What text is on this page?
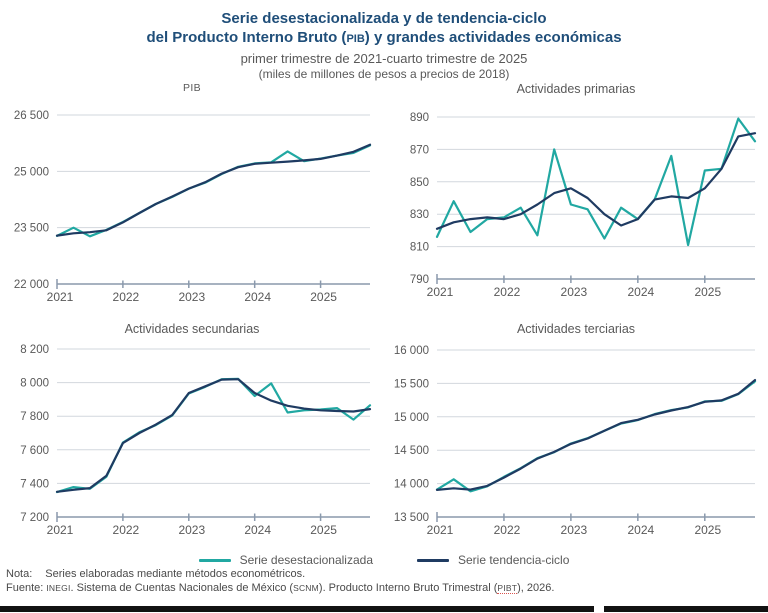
Serie desestacionalizada y de tendencia-ciclo
del Producto Interno Bruto (PIB) y grandes actividades económicas
primer trimestre de 2021-cuarto trimestre de 2025
(miles de millones de pesos a precios de 2018)
PIB
26 500
25 000
23 500
22 000
2021	2022	2023	2024	2025
Actividades primarias
890
870
850
830
810
790
2021	2022	2023	2024	2025
Actividades secundarias
8 200
8 000
7 800
7 600
7 400
7 200
2021	2022	2023	2024	2025
Actividades terciarias
16 000
15 500
15 000
14 500
14 000
13 500
2021	2022	2023	2024	2025
Serie desestacionalizada	Serie tendencia-ciclo
Nota: Series elaboradas mediante métodos econométricos.
Fuente: INEGI. Sistema de Cuentas Nacionales de México (SCNM). Producto Interno Bruto Trimestral (PIBT), 2026.
